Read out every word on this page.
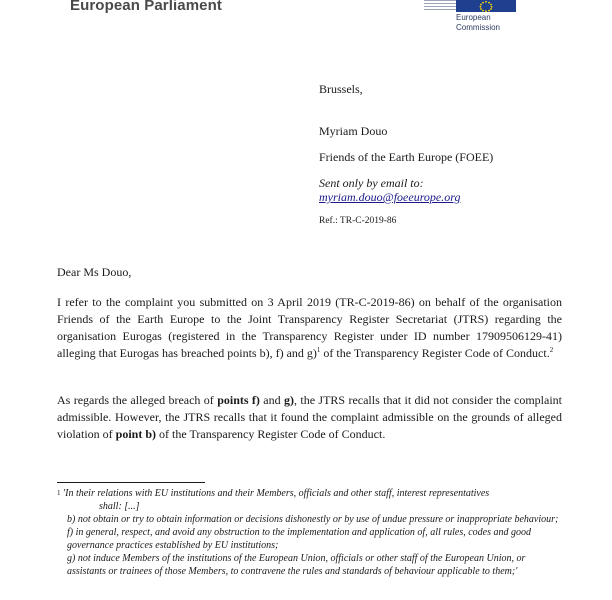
European Parliament
European
Commission
Brussels,
Myriam Douo
Friends of the Earth Europe (FOEE)
Sent only by email to:
myriam.douo@foeeurope.org
Ref.: TR-C-2019-86
Dear Ms Douo,

I refer to the complaint you submitted on 3 April 2019 (TR-C-2019-86) on behalf of the organisation Friends of the Earth Europe to the Joint Transparency Register Secretariat (JTRS) regarding the organisation Eurogas (registered in the Transparency Register under ID number 17909506129-41) alleging that Eurogas has breached points b), f) and g)$^1$ of the Transparency Register Code of Conduct.$^2$

As regards the alleged breach of points f) and g), the JTRS recalls that it did not consider the complaint admissible. However, the JTRS recalls that it found the complaint admissible on the grounds of alleged violation of point b) of the Transparency Register Code of Conduct.

$^1$ 'In their relations with EU institutions and their Members, officials and other staff, interest representatives

shall: [...]

b) not obtain or try to obtain information or decisions dishonestly or by use of undue pressure or inappropriate behaviour;

f) in general, respect, and avoid any obstruction to the implementation and application of, all rules, codes and good governance practices established by EU institutions;

g) not induce Members of the institutions of the European Union, officials or other staff of the European Union, or assistants or trainees of those Members, to contravene the rules and standards of behaviour applicable to them;'
